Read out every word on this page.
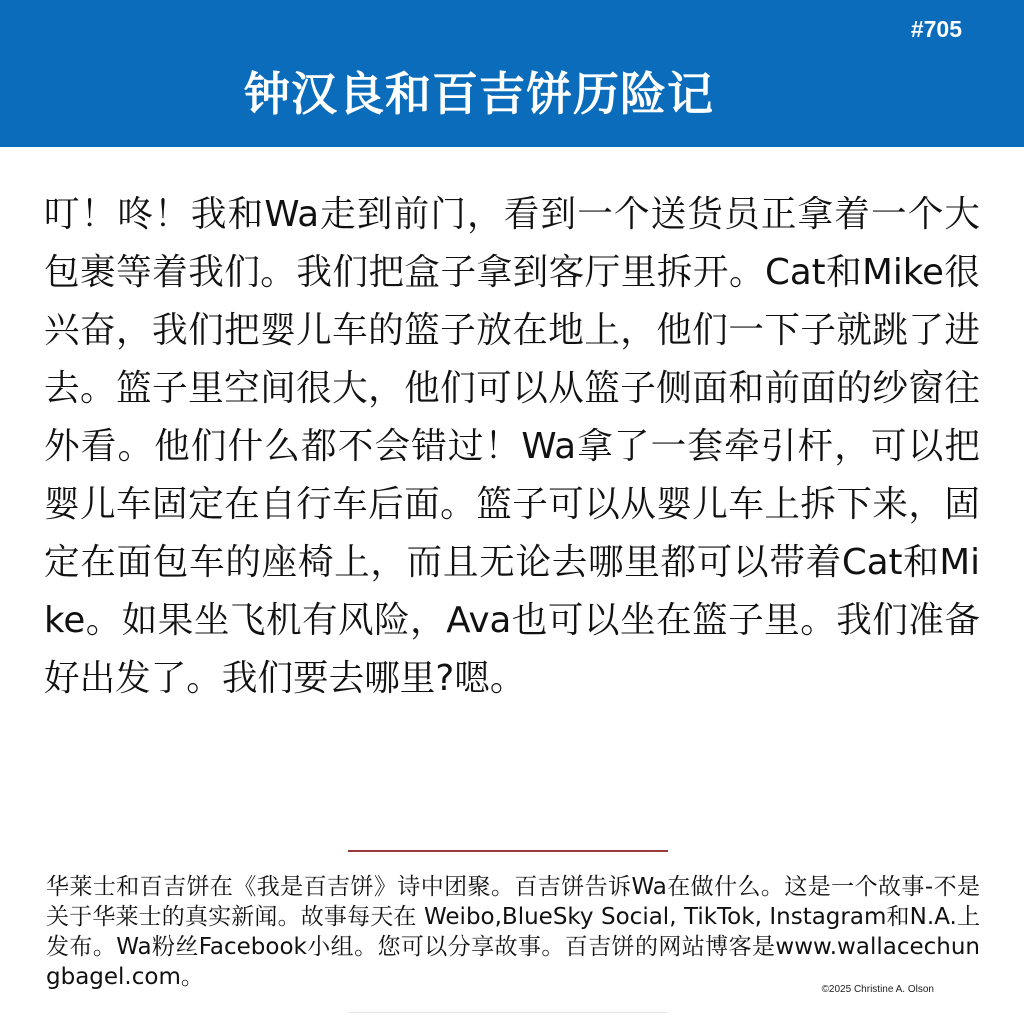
#705
钟汉良和百吉饼历险记
叮！咚！我和Wa走到前门，看到一个送货员正拿着一个大包裹等着我们。我们把盒子拿到客厅里拆开。Cat和Mike很兴奋，我们把婴儿车的篮子放在地上，他们一下子就跳了进去。篮子里空间很大，他们可以从篮子侧面和前面的纱窗往外看。他们什么都不会错过！Wa拿了一套牵引杆，可以把婴儿车固定在自行车后面。篮子可以从婴儿车上拆下来，固定在面包车的座椅上，而且无论去哪里都可以带着Cat和Mike。如果坐飞机有风险，Ava也可以坐在篮子里。我们准备好出发了。我们要去哪里?嗯。
华莱士和百吉饼在《我是百吉饼》诗中团聚。百吉饼告诉Wa在做什么。这是一个故事-不是关于华莱士的真实新闻。故事每天在 Weibo,BlueSky Social, TikTok, Instagram和N.A.上发布。Wa粉丝Facebook小组。您可以分享故事。百吉饼的网站博客是www.wallacechungbagel.com。	©2025 Christine A. Olson
